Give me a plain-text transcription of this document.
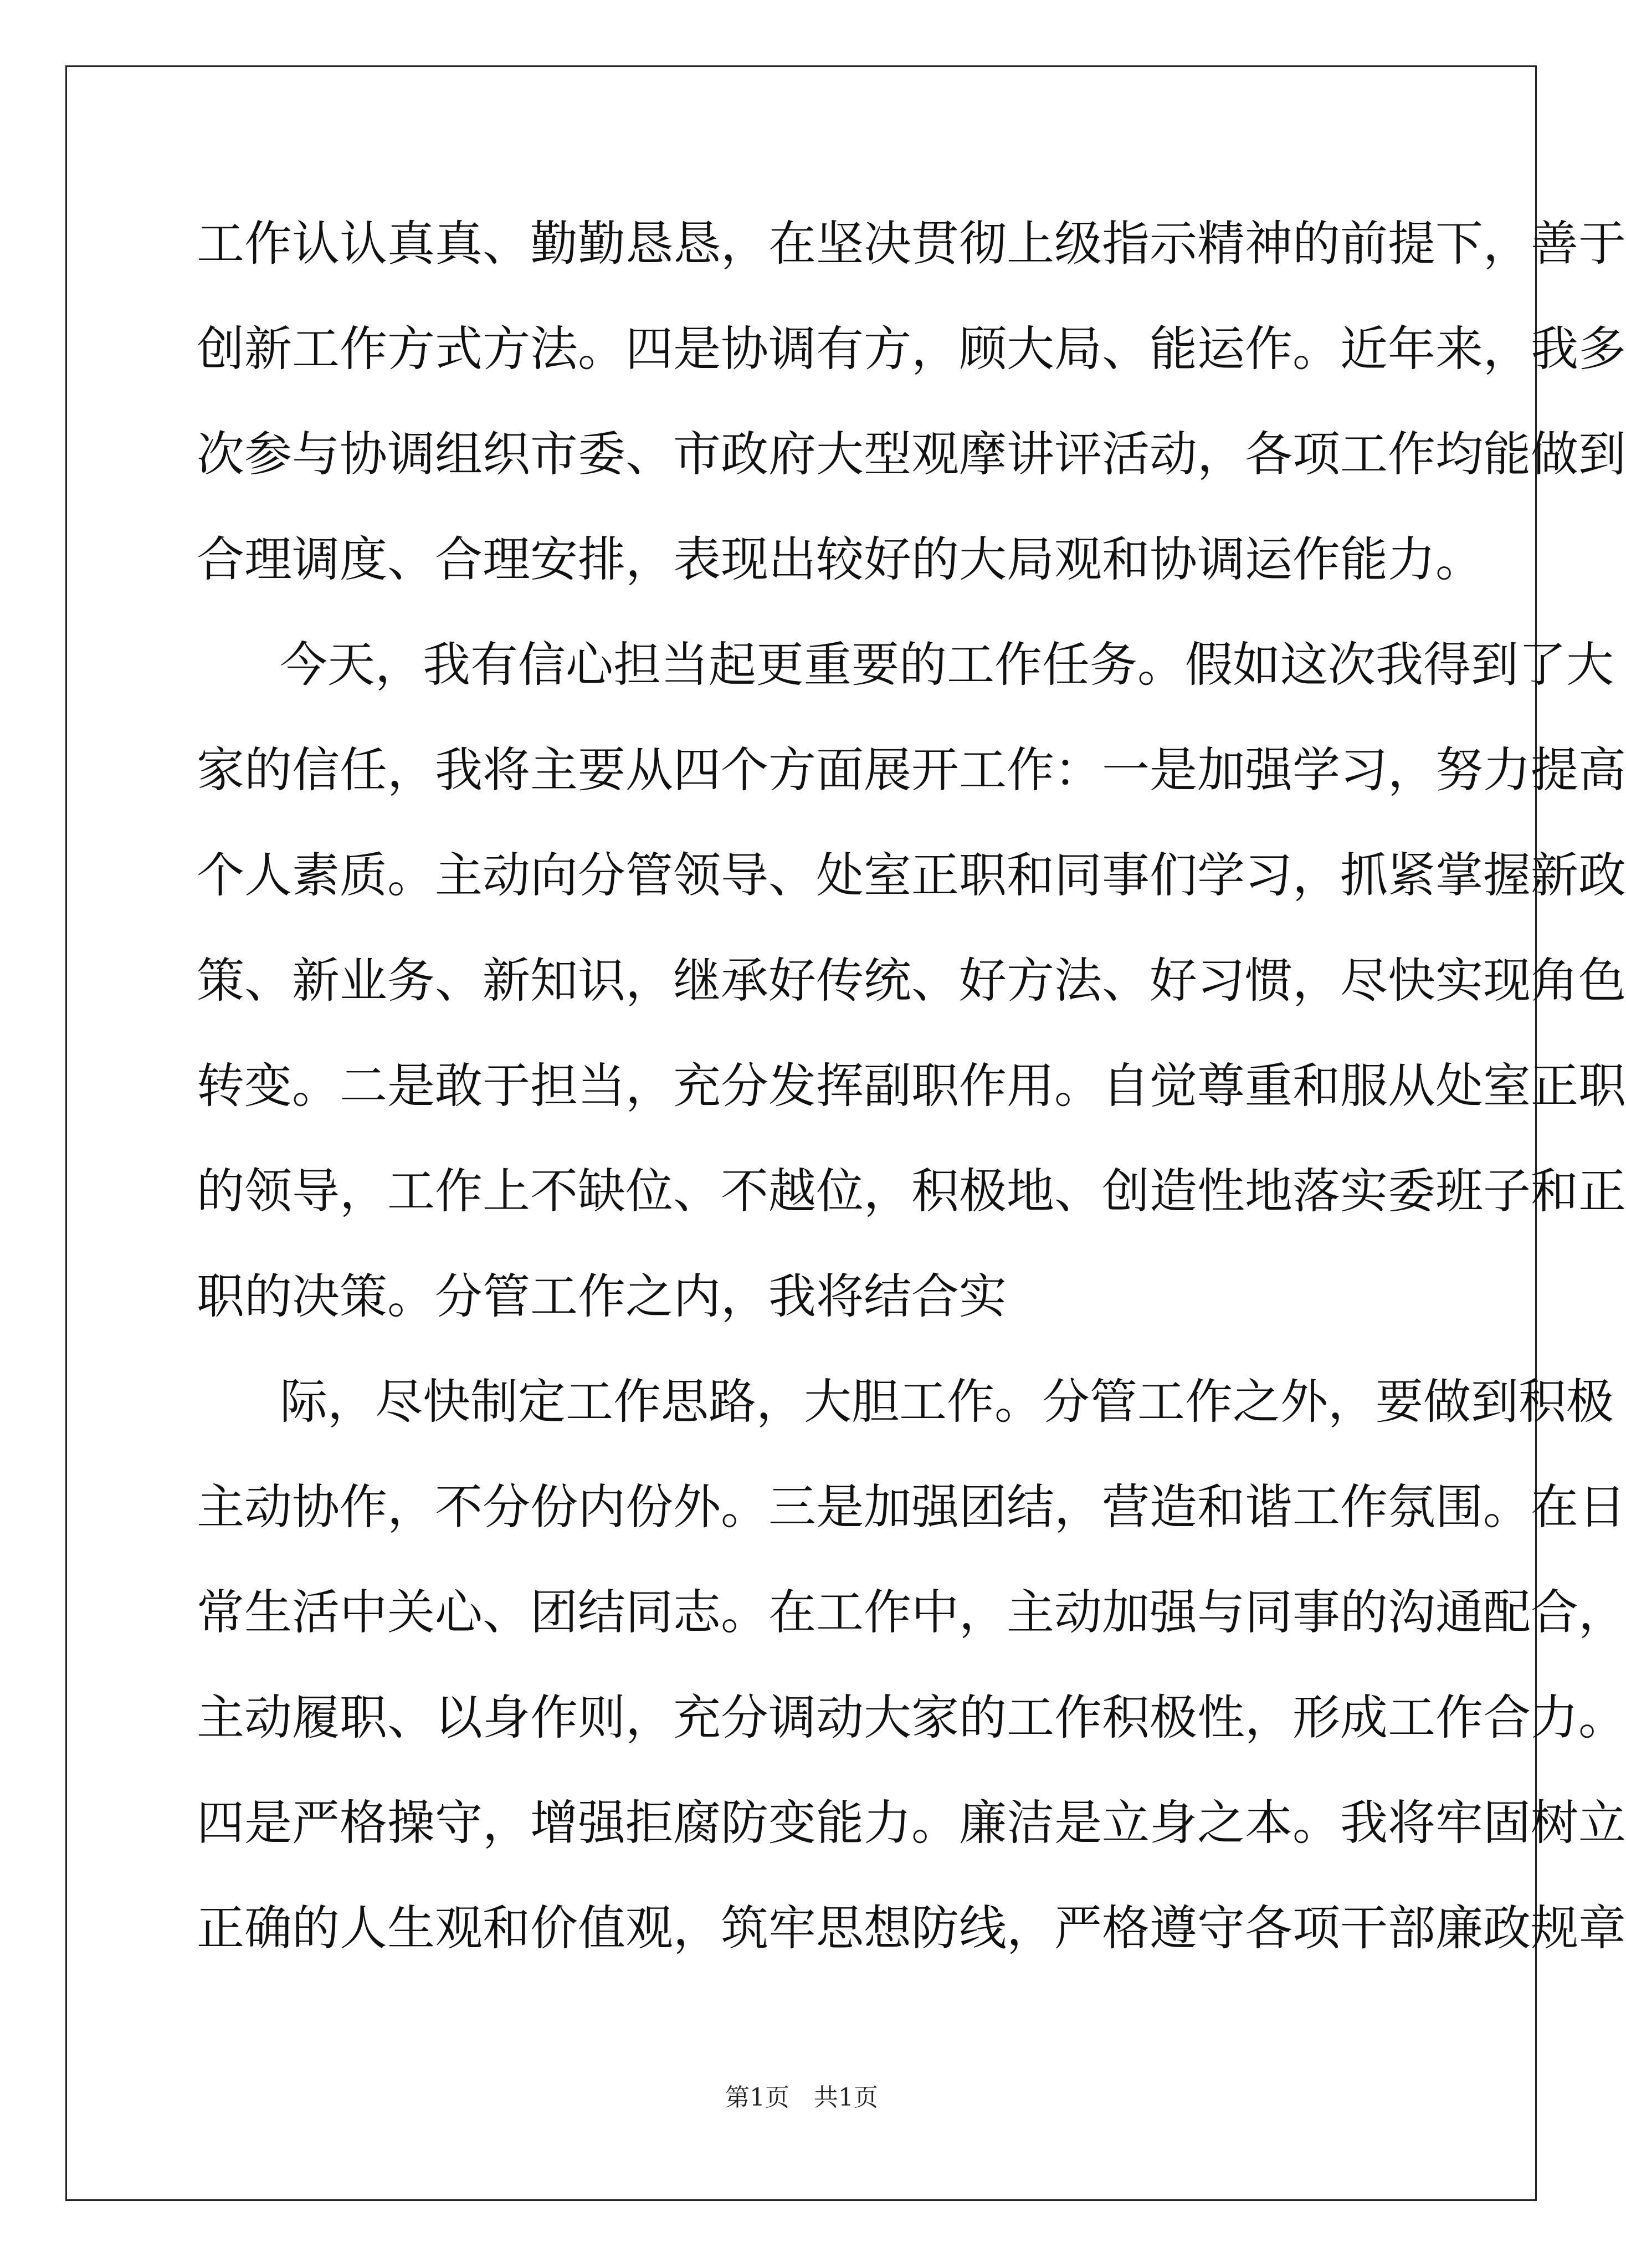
工作认认真真、勤勤恳恳，在坚决贯彻上级指示精神的前提下，善于
创新工作方式方法。四是协调有方，顾大局、能运作。近年来，我多
次参与协调组织市委、市政府大型观摩讲评活动，各项工作均能做到
合理调度、合理安排，表现出较好的大局观和协调运作能力。
今天，我有信心担当起更重要的工作任务。假如这次我得到了大
家的信任，我将主要从四个方面展开工作：一是加强学习，努力提高
个人素质。主动向分管领导、处室正职和同事们学习，抓紧掌握新政
策、新业务、新知识，继承好传统、好方法、好习惯，尽快实现角色
转变。二是敢于担当，充分发挥副职作用。自觉尊重和服从处室正职
的领导，工作上不缺位、不越位，积极地、创造性地落实委班子和正
职的决策。分管工作之内，我将结合实
际，尽快制定工作思路，大胆工作。分管工作之外，要做到积极
主动协作，不分份内份外。三是加强团结，营造和谐工作氛围。在日
常生活中关心、团结同志。在工作中，主动加强与同事的沟通配合，
主动履职、以身作则，充分调动大家的工作积极性，形成工作合力。
四是严格操守，增强拒腐防变能力。廉洁是立身之本。我将牢固树立
正确的人生观和价值观，筑牢思想防线，严格遵守各项干部廉政规章
第1页　共1页
